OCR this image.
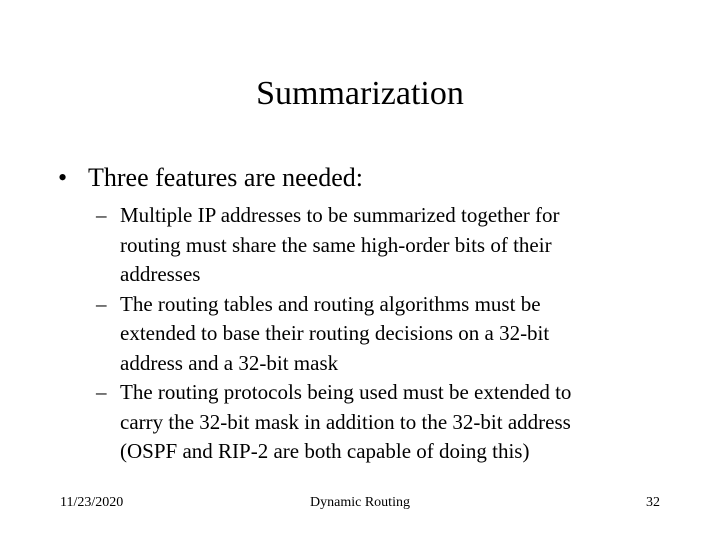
Summarization
• Three features are needed:
– Multiple IP addresses to be summarized together for
routing must share the same high-order bits of their
addresses
– The routing tables and routing algorithms must be
extended to base their routing decisions on a 32-bit
address and a 32-bit mask
– The routing protocols being used must be extended to
carry the 32-bit mask in addition to the 32-bit address
(OSPF and RIP-2 are both capable of doing this)
11/23/2020	Dynamic Routing	32
